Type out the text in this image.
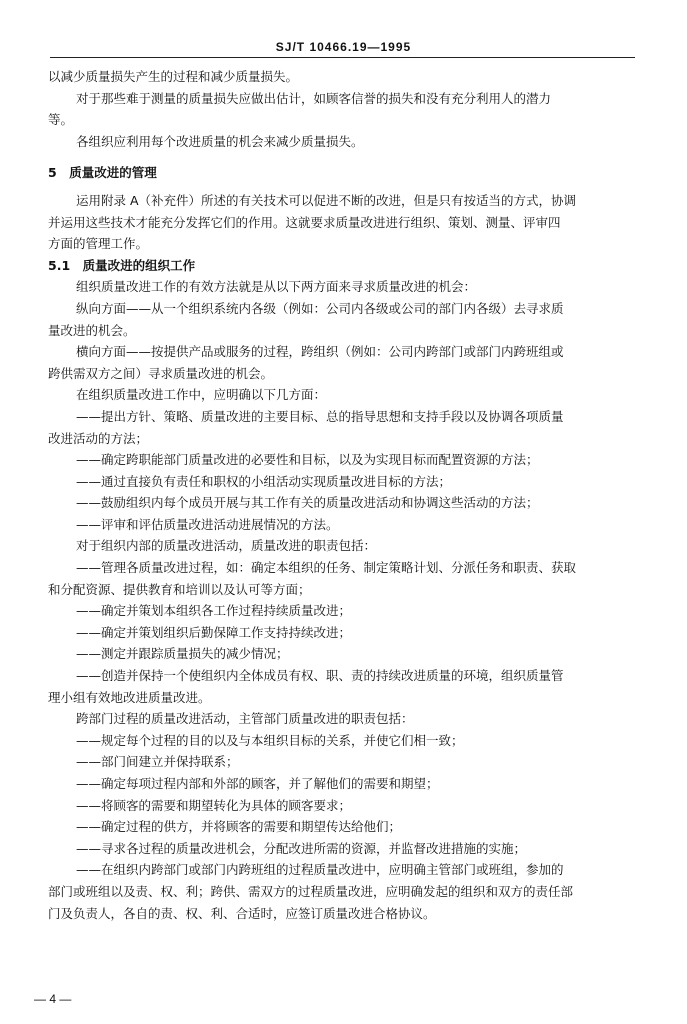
SJ/T 10466.19—1995

以减少质量损失产生的过程和减少质量损失。

对于那些难于测量的质量损失应做出估计，如顾客信誉的损失和没有充分利用人的潜力

等。

各组织应利用每个改进质量的机会来减少质量损失。

5　质量改进的管理

运用附录 A（补充件）所述的有关技术可以促进不断的改进，但是只有按适当的方式，协调

并运用这些技术才能充分发挥它们的作用。这就要求质量改进进行组织、策划、测量、评审四

方面的管理工作。

5.1　质量改进的组织工作

组织质量改进工作的有效方法就是从以下两方面来寻求质量改进的机会：

纵向方面——从一个组织系统内各级（例如：公司内各级或公司的部门内各级）去寻求质

量改进的机会。

横向方面——按提供产品或服务的过程，跨组织（例如：公司内跨部门或部门内跨班组或

跨供需双方之间）寻求质量改进的机会。

在组织质量改进工作中，应明确以下几方面：

——提出方针、策略、质量改进的主要目标、总的指导思想和支持手段以及协调各项质量

改进活动的方法；

——确定跨职能部门质量改进的必要性和目标，以及为实现目标而配置资源的方法；

——通过直接负有责任和职权的小组活动实现质量改进目标的方法；

——鼓励组织内每个成员开展与其工作有关的质量改进活动和协调这些活动的方法；

——评审和评估质量改进活动进展情况的方法。

对于组织内部的质量改进活动，质量改进的职责包括：

——管理各质量改进过程，如：确定本组织的任务、制定策略计划、分派任务和职责、获取

和分配资源、提供教育和培训以及认可等方面；

——确定并策划本组织各工作过程持续质量改进；

——确定并策划组织后勤保障工作支持持续改进；

——测定并跟踪质量损失的减少情况；

——创造并保持一个使组织内全体成员有权、职、责的持续改进质量的环境，组织质量管

理小组有效地改进质量改进。

跨部门过程的质量改进活动，主管部门质量改进的职责包括：

——规定每个过程的目的以及与本组织目标的关系，并使它们相一致；

——部门间建立并保持联系；

——确定每项过程内部和外部的顾客，并了解他们的需要和期望；

——将顾客的需要和期望转化为具体的顾客要求；

——确定过程的供方，并将顾客的需要和期望传达给他们；

——寻求各过程的质量改进机会，分配改进所需的资源，并监督改进措施的实施；

——在组织内跨部门或部门内跨班组的过程质量改进中，应明确主管部门或班组，参加的

部门或班组以及责、权、利；跨供、需双方的过程质量改进，应明确发起的组织和双方的责任部

门及负责人，各自的责、权、利、合适时，应签订质量改进合格协议。

— 4 —
